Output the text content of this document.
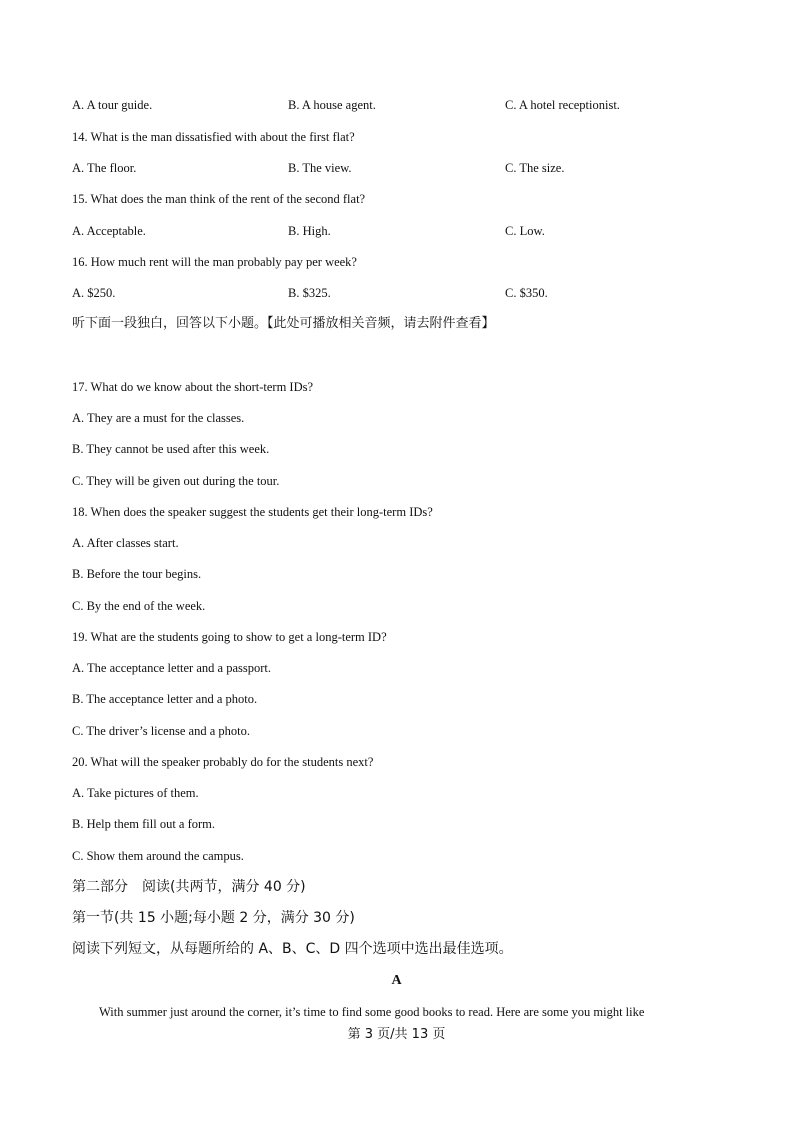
A. A tour guide.	B. A house agent.	C. A hotel receptionist.
14. What is the man dissatisfied with about the first flat?
A. The floor.	B. The view.	C. The size.
15. What does the man think of the rent of the second flat?
A. Acceptable.	B. High.	C. Low.
16. How much rent will the man probably pay per week?
A. $250.	B. $325.	C. $350.
听下面一段独白，回答以下小题。【此处可播放相关音频，请去附件查看】
17. What do we know about the short-term IDs?
A. They are a must for the classes.
B. They cannot be used after this week.
C. They will be given out during the tour.
18. When does the speaker suggest the students get their long-term IDs?
A. After classes start.
B. Before the tour begins.
C. By the end of the week.
19. What are the students going to show to get a long-term ID?
A. The acceptance letter and a passport.
B. The acceptance letter and a photo.
C. The driver’s license and a photo.
20. What will the speaker probably do for the students next?
A. Take pictures of them.
B. Help them fill out a form.
C. Show them around the campus.
第二部分　阅读(共两节，满分 40 分)
第一节(共 15 小题;每小题 2 分，满分 30 分)
阅读下列短文，从每题所给的 A、B、C、D 四个选项中选出最佳选项。
A
With summer just around the corner, it’s time to find some good books to read. Here are some you might like
第 3 页/共 13 页
